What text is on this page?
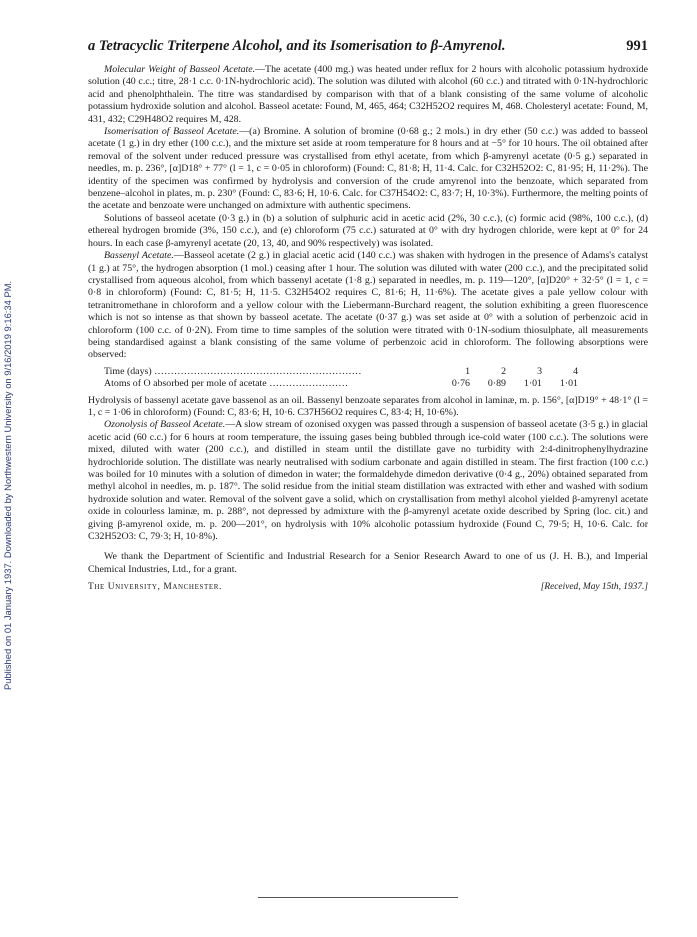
Published on 01 January 1937. Downloaded by Northwestern University on 9/16/2019 9:16:34 PM.
a Tetracyclic Triterpene Alcohol, and its Isomerisation to β-Amyrenol.	991

Molecular Weight of Basseol Acetate.—The acetate (400 mg.) was heated under reflux for 2 hours with alcoholic potassium hydroxide solution (40 c.c.; titre, 28·1 c.c. 0·1N-hydrochloric acid). The solution was diluted with alcohol (60 c.c.) and titrated with 0·1N-hydrochloric acid and phenolphthalein. The titre was standardised by comparison with that of a blank consisting of the same volume of alcoholic potassium hydroxide solution and alcohol. Basseol acetate: Found, M, 465, 464; C32H52O2 requires M, 468. Cholesteryl acetate: Found, M, 431, 432; C29H48O2 requires M, 428.

Isomerisation of Basseol Acetate.—(a) Bromine. A solution of bromine (0·68 g.; 2 mols.) in dry ether (50 c.c.) was added to basseol acetate (1 g.) in dry ether (100 c.c.), and the mixture set aside at room temperature for 8 hours and at −5° for 10 hours. The oil obtained after removal of the solvent under reduced pressure was crystallised from ethyl acetate, from which β-amyrenyl acetate (0·5 g.) separated in needles, m. p. 236°, [α]D18° + 77° (l = 1, c = 0·05 in chloroform) (Found: C, 81·8; H, 11·4. Calc. for C32H52O2: C, 81·95; H, 11·2%). The identity of the specimen was confirmed by hydrolysis and conversion of the crude amyrenol into the benzoate, which separated from benzene–alcohol in plates, m. p. 230° (Found: C, 83·6; H, 10·6. Calc. for C37H54O2: C, 83·7; H, 10·3%). Furthermore, the melting points of the acetate and benzoate were unchanged on admixture with authentic specimens.

Solutions of basseol acetate (0·3 g.) in (b) a solution of sulphuric acid in acetic acid (2%, 30 c.c.), (c) formic acid (98%, 100 c.c.), (d) ethereal hydrogen bromide (3%, 150 c.c.), and (e) chloroform (75 c.c.) saturated at 0° with dry hydrogen chloride, were kept at 0° for 24 hours. In each case β-amyrenyl acetate (20, 13, 40, and 90% respectively) was isolated.

Bassenyl Acetate.—Basseol acetate (2 g.) in glacial acetic acid (140 c.c.) was shaken with hydrogen in the presence of Adams's catalyst (1 g.) at 75°, the hydrogen absorption (1 mol.) ceasing after 1 hour. The solution was diluted with water (200 c.c.), and the precipitated solid crystallised from aqueous alcohol, from which bassenyl acetate (1·8 g.) separated in needles, m. p. 119—120°, [α]D20° + 32·5° (l = 1, c = 0·8 in chloroform) (Found: C, 81·5; H, 11·5. C32H54O2 requires C, 81·6; H, 11·6%). The acetate gives a pale yellow colour with tetranitromethane in chloroform and a yellow colour with the Liebermann-Burchard reagent, the solution exhibiting a green fluorescence which is not so intense as that shown by basseol acetate. The acetate (0·37 g.) was set aside at 0° with a solution of perbenzoic acid in chloroform (100 c.c. of 0·2N). From time to time samples of the solution were titrated with 0·1N-sodium thiosulphate, all measurements being standardised against a blank consisting of the same volume of perbenzoic acid in chloroform. The following absorptions were observed:

Time (days) ………………………………………………………	1	2	3	4
Atoms of O absorbed per mole of acetate ……………………	0·76	0·89	1·01	1·01

Hydrolysis of bassenyl acetate gave bassenol as an oil. Bassenyl benzoate separates from alcohol in laminæ, m. p. 156°, [α]D19° + 48·1° (l = 1, c = 1·06 in chloroform) (Found: C, 83·6; H, 10·6. C37H56O2 requires C, 83·4; H, 10·6%).

Ozonolysis of Basseol Acetate.—A slow stream of ozonised oxygen was passed through a suspension of basseol acetate (3·5 g.) in glacial acetic acid (60 c.c.) for 6 hours at room temperature, the issuing gases being bubbled through ice-cold water (100 c.c.). The solutions were mixed, diluted with water (200 c.c.), and distilled in steam until the distillate gave no turbidity with 2:4-dinitrophenylhydrazine hydrochloride solution. The distillate was nearly neutralised with sodium carbonate and again distilled in steam. The first fraction (100 c.c.) was boiled for 10 minutes with a solution of dimedon in water; the formaldehyde dimedon derivative (0·4 g., 20%) obtained separated from methyl alcohol in needles, m. p. 187°. The solid residue from the initial steam distillation was extracted with ether and washed with sodium hydroxide solution and water. Removal of the solvent gave a solid, which on crystallisation from methyl alcohol yielded β-amyrenyl acetate oxide in colourless laminæ, m. p. 288°, not depressed by admixture with the β-amyrenyl acetate oxide described by Spring (loc. cit.) and giving β-amyrenol oxide, m. p. 200—201°, on hydrolysis with 10% alcoholic potassium hydroxide (Found C, 79·5; H, 10·6. Calc. for C32H52O3: C, 79·3; H, 10·8%).

We thank the Department of Scientific and Industrial Research for a Senior Research Award to one of us (J. H. B.), and Imperial Chemical Industries, Ltd., for a grant.

The University, Manchester.	[Received, May 15th, 1937.]
